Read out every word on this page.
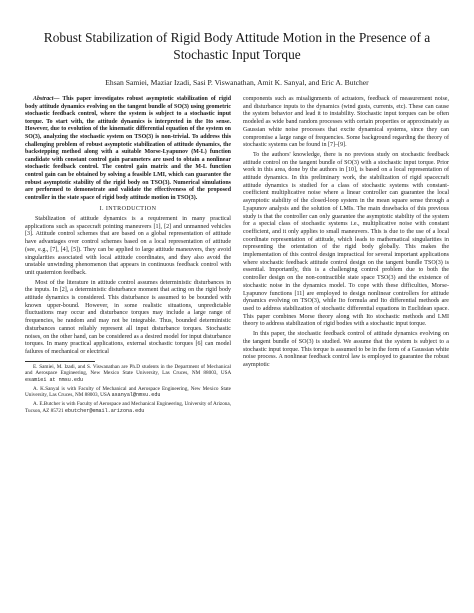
Robust Stabilization of Rigid Body Attitude Motion in the Presence of a Stochastic Input Torque
Ehsan Samiei, Maziar Izadi, Sasi P. Viswanathan, Amit K. Sanyal, and Eric A. Butcher

Abstract— This paper investigates robust asymptotic stabilization of rigid body attitude dynamics evolving on the tangent bundle of SO(3) using geometric stochastic feedback control, where the system is subject to a stochastic input torque. To start with, the attitude dynamics is interpreted in the Ito sense. However, due to evolution of the kinematic differential equation of the system on SO(3), analyzing the stochastic system on TSO(3) is non-trivial. To address this challenging problem of robust asymptotic stabilization of attitude dynamics, the backstepping method along with a suitable Morse-Lyapunov (M-L) function candidate with constant control gain parameters are used to obtain a nonlinear stochastic feedback control. The control gain matrix and the M-L function control gain can be obtained by solving a feasible LMI, which can guarantee the robust asymptotic stability of the rigid body on TSO(3). Numerical simulations are performed to demonstrate and validate the effectiveness of the proposed controller in the state space of rigid body attitude motion in TSO(3).

I. INTRODUCTION

Stabilization of attitude dynamics is a requirement in many practical applications such as spacecraft pointing maneuvers [1], [2] and unmanned vehicles [3]. Attitude control schemes that are based on a global representation of attitude have advantages over control schemes based on a local representation of attitude (see, e.g., [7], [4], [5]). They can be applied to large attitude maneuvers, they avoid singularities associated with local attitude coordinates, and they also avoid the unstable unwinding phenomenon that appears in continuous feedback control with unit quaternion feedback.

Most of the literature in attitude control assumes deterministic disturbances in the inputs. In [2], a deterministic disturbance moment that acting on the rigid body attitude dynamics is considered. This disturbance is assumed to be bounded with known upper-bound. However, in some realistic situations, unpredictable fluctuations may occur and disturbance torques may include a large range of frequencies, be random and may not be integrable. Thus, bounded deterministic disturbances cannot reliably represent all input disturbance torques. Stochastic noises, on the other hand, can be considered as a desired model for input disturbance torques. In many practical applications, external stochastic torques [6] can model failures of mechanical or electrical

E. Samiei, M. Izadi, and S. Viswanathan are Ph.D students in the Department of Mechanical and Aerospace Engineering, New Mexico State University, Las Cruces, NM 88003, USA esamiei at nmsu.edu

A. K.Sanyal is with Faculty of Mechanical and Aerospace Engineering, New Mexico State University, Las Cruces, NM 88003, USA asanyal@nmsu.edu

A. E.Butcher is with Faculty of Aerospace and Mechanical Engineering, University of Arizona, Tucson, AZ 85721 ebutcher@email.arizona.edu

components such as misalignments of actuators, feedback of measurement noise, and disturbance inputs to the dynamics (wind gusts, currents, etc). These can cause the system behavior and lead it to instability. Stochastic input torques can be often modeled as wide band random processes with certain properties or approximately as Gaussian white noise processes that excite dynamical systems, since they can compromise a large range of frequencies. Some background regarding the theory of stochastic systems can be found in [7]–[9].

To the authors' knowledge, there is no previous study on stochastic feedback attitude control on the tangent bundle of SO(3) with a stochastic input torque. Prior work in this area, done by the authors in [10], is based on a local representation of attitude dynamics. In this preliminary work, the stabilization of rigid spacecraft attitude dynamics is studied for a class of stochastic systems with constant-coefficient multiplicative noise where a linear controller can guarantee the local asymptotic stability of the closed-loop system in the mean square sense through a Lyapunov analysis and the solution of LMIs. The main drawbacks of this previous study is that the controller can only guarantee the asymptotic stability of the system for a special class of stochastic systems i.e., multiplicative noise with constant coefficient, and it only applies to small maneuvers. This is due to the use of a local coordinate representation of attitude, which leads to mathematical singularities in representing the orientation of the rigid body globally. This makes the implementation of this control design impractical for several important applications where stochastic feedback attitude control design on the tangent bundle TSO(3) is essential. Importantly, this is a challenging control problem due to both the controller design on the non-contractible state space TSO(3) and the existence of stochastic noise in the dynamics model. To cope with these difficulties, Morse-Lyapunov functions [11] are employed to design nonlinear controllers for attitude dynamics evolving on TSO(3), while Ito formula and Ito differential methods are used to address stabilization of stochastic differential equations in Euclidean space. This paper combines Morse theory along with Ito stochastic methods and LMI theory to address stabilization of rigid bodies with a stochastic input torque.

In this paper, the stochastic feedback control of attitude dynamics evolving on the tangent bundle of SO(3) is studied. We assume that the system is subject to a stochastic input torque. This torque is assumed to be in the form of a Gaussian white noise process. A nonlinear feedback control law is employed to guarantee the robust asymptotic
